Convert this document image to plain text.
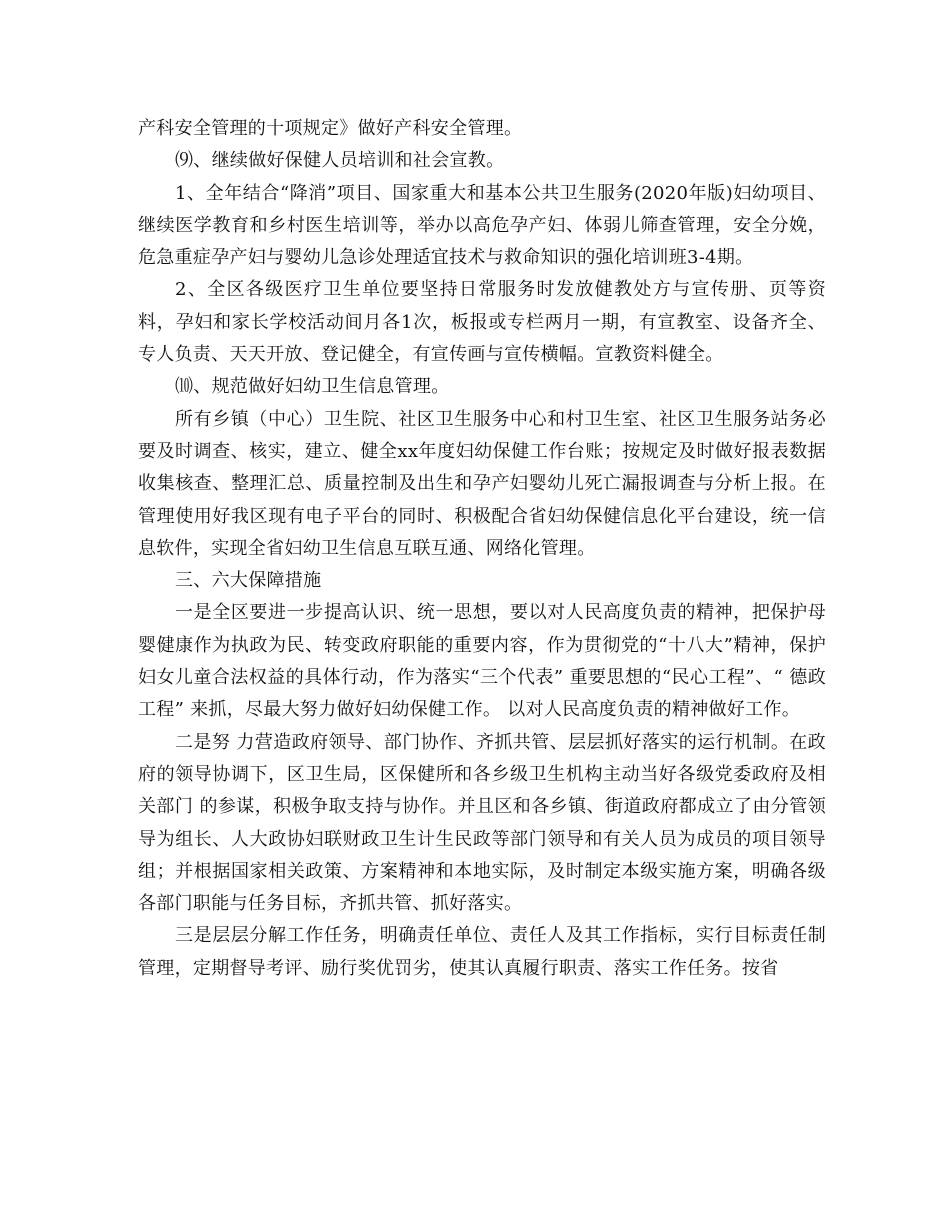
产科安全管理的十项规定》做好产科安全管理。

⑼、继续做好保健人员培训和社会宣教。

1、全年结合“降消”项目、国家重大和基本公共卫生服务(2020年版)妇幼项目、继续医学教育和乡村医生培训等，举办以高危孕产妇、体弱儿筛查管理，安全分娩，危急重症孕产妇与婴幼儿急诊处理适宜技术与救命知识的强化培训班3-4期。

2、全区各级医疗卫生单位要坚持日常服务时发放健教处方与宣传册、页等资料，孕妇和家长学校活动间月各1次，板报或专栏两月一期，有宣教室、设备齐全、专人负责、天天开放、登记健全，有宣传画与宣传横幅。宣教资料健全。

⑽、规范做好妇幼卫生信息管理。

所有乡镇（中心）卫生院、社区卫生服务中心和村卫生室、社区卫生服务站务必要及时调查、核实，建立、健全xx年度妇幼保健工作台账；按规定及时做好报表数据收集核查、整理汇总、质量控制及出生和孕产妇婴幼儿死亡漏报调查与分析上报。在管理使用好我区现有电子平台的同时、积极配合省妇幼保健信息化平台建设，统一信息软件，实现全省妇幼卫生信息互联互通、网络化管理。

三、六大保障措施

一是全区要进一步提高认识、统一思想，要以对人民高度负责的精神，把保护母婴健康作为执政为民、转变政府职能的重要内容，作为贯彻党的“十八大”精神，保护妇女儿童合法权益的具体行动，作为落实“三个代表” 重要思想的“民心工程”、“ 德政工程” 来抓，尽最大努力做好妇幼保健工作。 以对人民高度负责的精神做好工作。

二是努 力营造政府领导、部门协作、齐抓共管、层层抓好落实的运行机制。在政府的领导协调下，区卫生局，区保健所和各乡级卫生机构主动当好各级党委政府及相关部门 的参谋，积极争取支持与协作。并且区和各乡镇、街道政府都成立了由分管领导为组长、人大政协妇联财政卫生计生民政等部门领导和有关人员为成员的项目领导 组；并根据国家相关政策、方案精神和本地实际，及时制定本级实施方案，明确各级各部门职能与任务目标，齐抓共管、抓好落实。

三是层层分解工作任务，明确责任单位、责任人及其工作指标，实行目标责任制管理，定期督导考评、励行奖优罚劣，使其认真履行职责、落实工作任务。按省
